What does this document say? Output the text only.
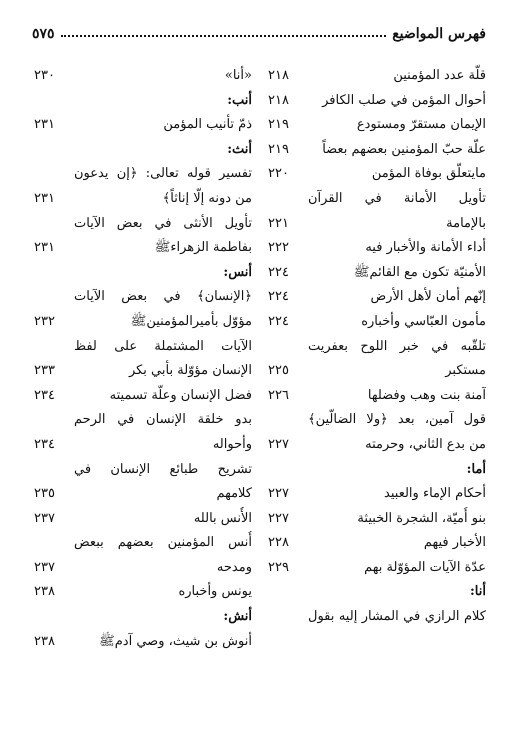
فهرس المواضيع
٥٧٥
قلّة عدد المؤمنين
٢١٨
أحوال المؤمن في صلب الكافر
٢١٨
الإيمان مستقرّ ومستودع
٢١٩
علّة حبّ المؤمنين بعضهم بعضاً
٢١٩
مايتعلّق بوفاة المؤمن
٢٢٠
تأويل الأمانة في القرآن
بالإمامة
٢٢١
أداء الأمانة والأخبار فيه
٢٢٢
الأمنيّة تكون مع القائمﷺ
٢٢٤
إنّهم أمان لأهل الأرض
٢٢٤
مأمون العبّاسي وأخباره
٢٢٤
تلقّبه في خبر اللوح بعفريت
مستكبر
٢٢٥
آمنة بنت وهب وفضلها
٢٢٦
قول آمين، بعد ﴿ولا الضالّين﴾
من بدع الثاني، وحرمته
٢٢٧
أما:
أحكام الإماء والعبيد
٢٢٧
بنو أُميّة، الشجرة الخبيثة
٢٢٧
الأخبار فيهم
٢٢٨
عدّة الآيات المؤوّلة بهم
٢٢٩
أنا:
كلام الرازي في المشار إليه بقول
«أنا»
٢٣٠
أنب:
ذمّ تأنيب المؤمن
٢٣١
أنث:
تفسير قوله تعالى: ﴿إن يدعون
من دونه إلّا إناثاً﴾
٢٣١
تأويل الأنثى في بعض الآيات
بفاطمة الزهراءﷺ
٢٣١
أنس:
﴿الإنسان﴾ في بعض الآيات
مؤوّل بأميرالمؤمنينﷺ
٢٣٢
الآيات المشتملة على لفظ
الإنسان مؤوّلة بأبي بكر
٢٣٣
فضل الإنسان وعلّة تسميته
٢٣٤
بدو خلقة الإنسان في الرحم
وأحواله
٢٣٤
تشريح طبائع الإنسان في
كلامهم
٢٣٥
الأُنس بالله
٢٣٧
أُنس المؤمنين بعضهم ببعض
ومدحه
٢٣٧
يونس وأخباره
٢٣٨
أنش:
أنوش بن شيث، وصي آدمﷺ
٢٣٨
